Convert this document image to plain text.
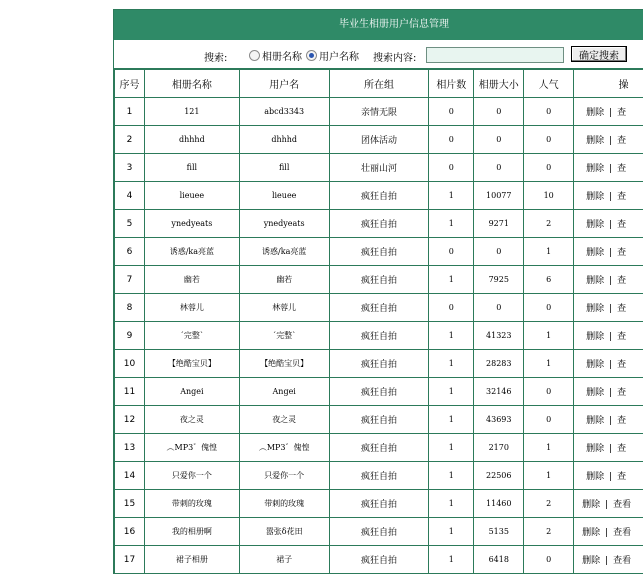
毕业生相册用户信息管理
搜索:	相册名称 用户名称 搜索内容:	确定搜索
序号	相册名称	用户名	所在组	相片数	相册大小	人气	操
1	121	abcd3343	亲情无限	0	0	0	删除 | 查
2	dhhhd	dhhhd	团体活动	0	0	0	删除 | 查
3	fill	fill	壮丽山河	0	0	0	删除 | 查
4	lieuee	lieuee	疯狂自拍	1	10077	10	删除 | 查
5	ynedyeats	ynedyeats	疯狂自拍	1	9271	2	删除 | 查
6	诱惑/ka亮蓝	诱惑/ka亮蓝	疯狂自拍	0	0	1	删除 | 查
7	幽若	幽若	疯狂自拍	1	7925	6	删除 | 查
8	林蓉儿	林蓉儿	疯狂自拍	0	0	0	删除 | 查
9	ˊ完整ˋ	ˊ完整ˋ	疯狂自拍	1	41323	1	删除 | 查
10	【绝酷宝贝】	【绝酷宝贝】	疯狂自拍	1	28283	1	删除 | 查
11	Angei	Angei	疯狂自拍	1	32146	0	删除 | 查
12	夜之灵	夜之灵	疯狂自拍	1	43693	0	删除 | 查
13	︵MP3゛傀惶	︵MP3゛傀惶	疯狂自拍	1	2170	1	删除 | 查
14	只爱你一个	只爱你一个	疯狂自拍	1	22506	1	删除 | 查
15	带刺的玫瑰	带刺的玫瑰	疯狂自拍	1	11460	2	删除 | 查看
16	我的相册啊	嚣张δ花田	疯狂自拍	1	5135	2	删除 | 查看
17	裙子相册	裙子	疯狂自拍	1	6418	0	删除 | 查看
